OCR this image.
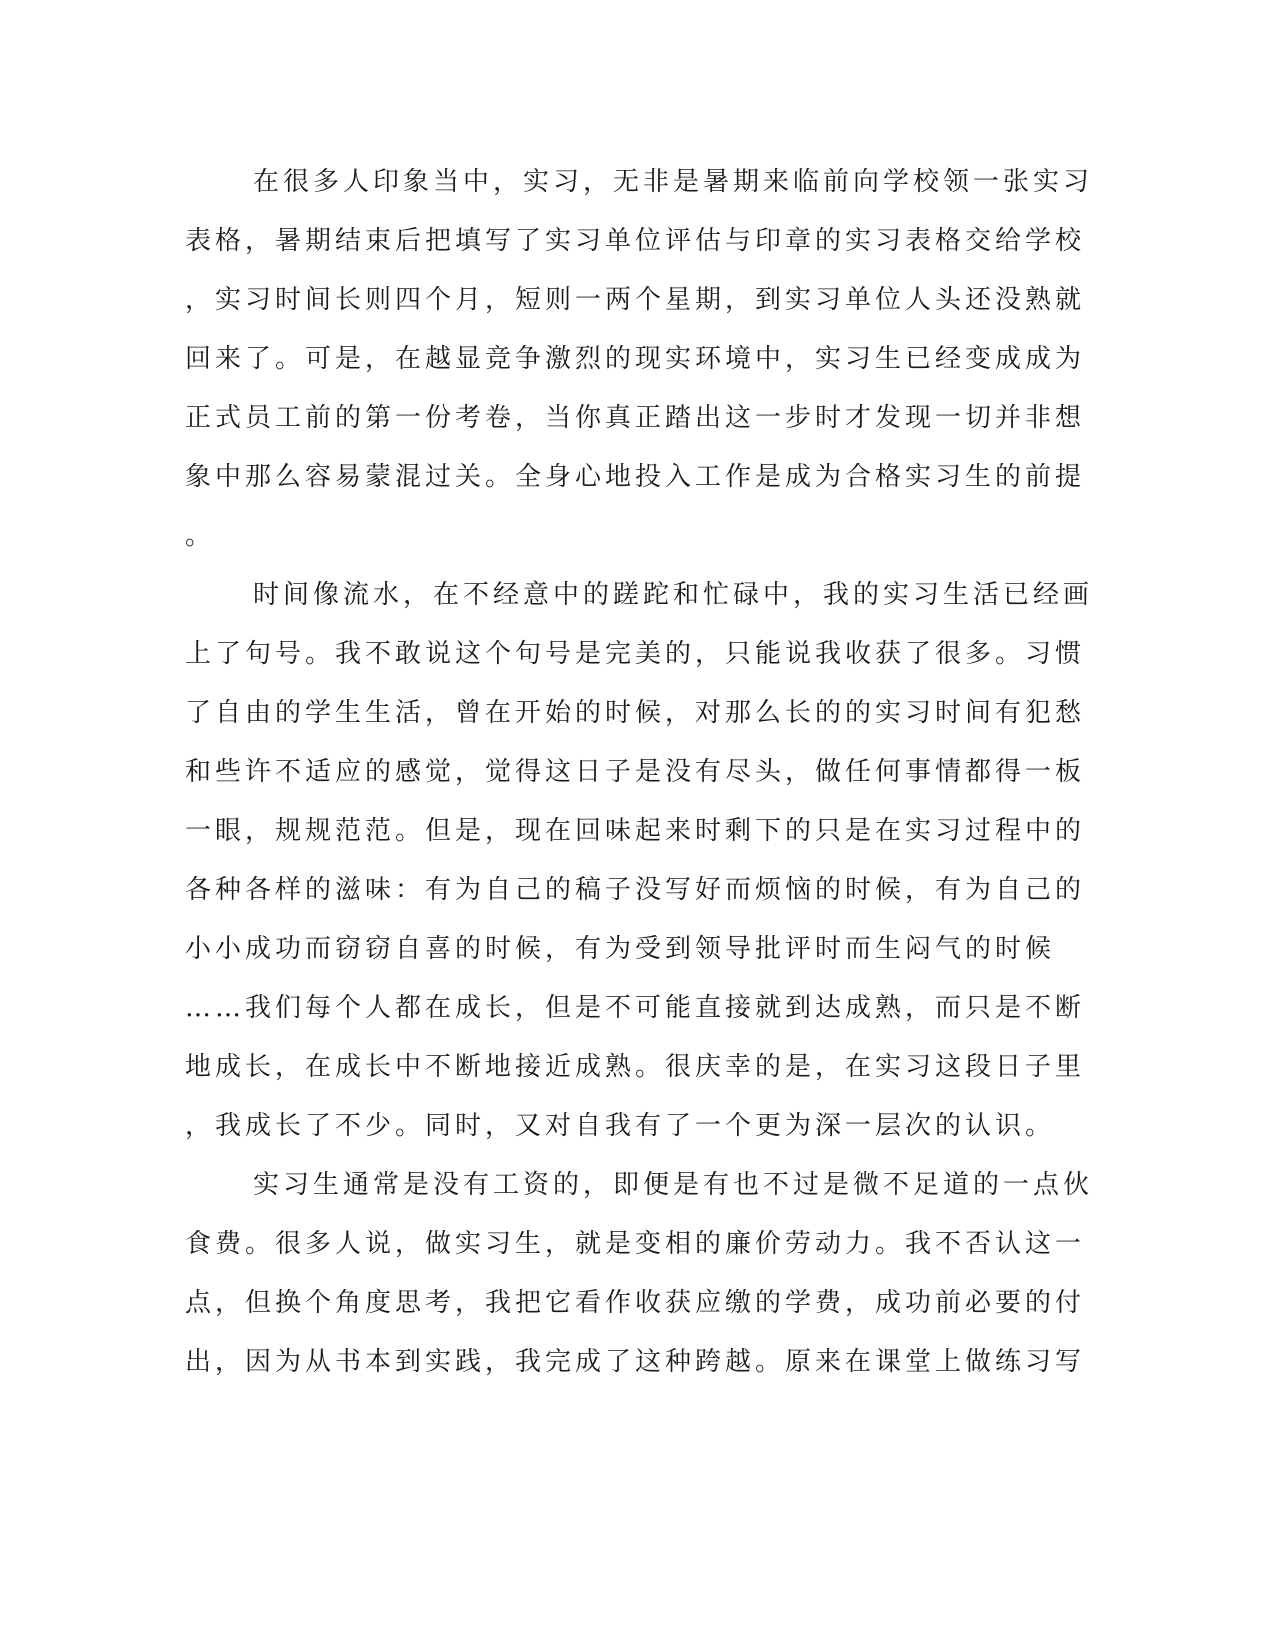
在很多人印象当中，实习，无非是暑期来临前向学校领一张实习
表格，暑期结束后把填写了实习单位评估与印章的实习表格交给学校
，实习时间长则四个月，短则一两个星期，到实习单位人头还没熟就
回来了。可是，在越显竞争激烈的现实环境中，实习生已经变成成为
正式员工前的第一份考卷，当你真正踏出这一步时才发现一切并非想
象中那么容易蒙混过关。全身心地投入工作是成为合格实习生的前提
。
时间像流水，在不经意中的蹉跎和忙碌中，我的实习生活已经画
上了句号。我不敢说这个句号是完美的，只能说我收获了很多。习惯
了自由的学生生活，曾在开始的时候，对那么长的的实习时间有犯愁
和些许不适应的感觉，觉得这日子是没有尽头，做任何事情都得一板
一眼，规规范范。但是，现在回味起来时剩下的只是在实习过程中的
各种各样的滋味：有为自己的稿子没写好而烦恼的时候，有为自己的
小小成功而窃窃自喜的时候，有为受到领导批评时而生闷气的时候
……我们每个人都在成长，但是不可能直接就到达成熟，而只是不断
地成长，在成长中不断地接近成熟。很庆幸的是，在实习这段日子里
，我成长了不少。同时，又对自我有了一个更为深一层次的认识。
实习生通常是没有工资的，即便是有也不过是微不足道的一点伙
食费。很多人说，做实习生，就是变相的廉价劳动力。我不否认这一
点，但换个角度思考，我把它看作收获应缴的学费，成功前必要的付
出，因为从书本到实践，我完成了这种跨越。原来在课堂上做练习写
